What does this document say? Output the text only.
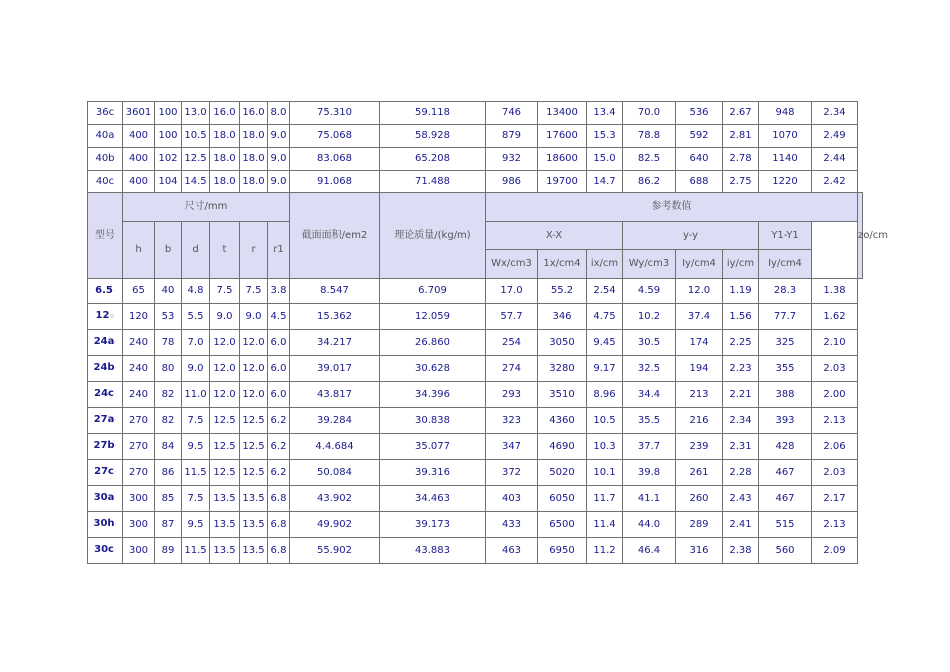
36c	3601	100	13.0	16.0	16.0	8.0	75.310	59.118	746	13400	13.4	70.0	536	2.67	948	2.34	
40a	400	100	10.5	18.0	18.0	9.0	75.068	58.928	879	17600	15.3	78.8	592	2.81	1070	2.49	
40b	400	102	12.5	18.0	18.0	9.0	83.068	65.208	932	18600	15.0	82.5	640	2.78	1140	2.44	
40c	400	104	14.5	18.0	18.0	9.0	91.068	71.488	986	19700	14.7	86.2	688	2.75	1220	2.42	
型号	尺寸/mm						截面面积/em2	理论质量/(kg/m)	参考数值								zo/cm
	h	b	d	t	r	r1			X-X			y-y			Y1-Y1		
									Wx/cm3	1x/cm4	ix/cm	Wy/cm3	Iy/cm4	iy/cm	Iy/cm4		
6.5·	65	40	4.8	7.5	7.5	3.8	8.547	6.709	17.0	55.2	2.54	4.59	12.0	1.19	28.3	1.38	
12⊙	120	53	5.5	9.0	9.0	4.5	15.362	12.059	57.7	346	4.75	10.2	37.4	1.56	77.7	1.62	
24a·	240	78	7.0	12.0	12.0	6.0	34.217	26.860	254	3050	9.45	30.5	174	2.25	325	2.10	
24b·	240	80	9.0	12.0	12.0	6.0	39.017	30.628	274	3280	9.17	32.5	194	2.23	355	2.03	
24c·	240	82	11.0	12.0	12.0	6.0	43.817	34.396	293	3510	8.96	34.4	213	2.21	388	2.00	
27a·	270	82	7.5	12.5	12.5	6.2	39.284	30.838	323	4360	10.5	35.5	216	2.34	393	2.13	
27b·	270	84	9.5	12.5	12.5	6.2	4.4.684	35.077	347	4690	10.3	37.7	239	2.31	428	2.06	
27c·	270	86	11.5	12.5	12.5	6.2	50.084	39.316	372	5020	10.1	39.8	261	2.28	467	2.03	
30a·	300	85	7.5	13.5	13.5	6.8	43.902	34.463	403	6050	11.7	41.1	260	2.43	467	2.17	
30h·	300	87	9.5	13.5	13.5	6.8	49.902	39.173	433	6500	11.4	44.0	289	2.41	515	2.13	
30c·	300	89	11.5	13.5	13.5	6.8	55.902	43.883	463	6950	11.2	46.4	316	2.38	560	2.09	
